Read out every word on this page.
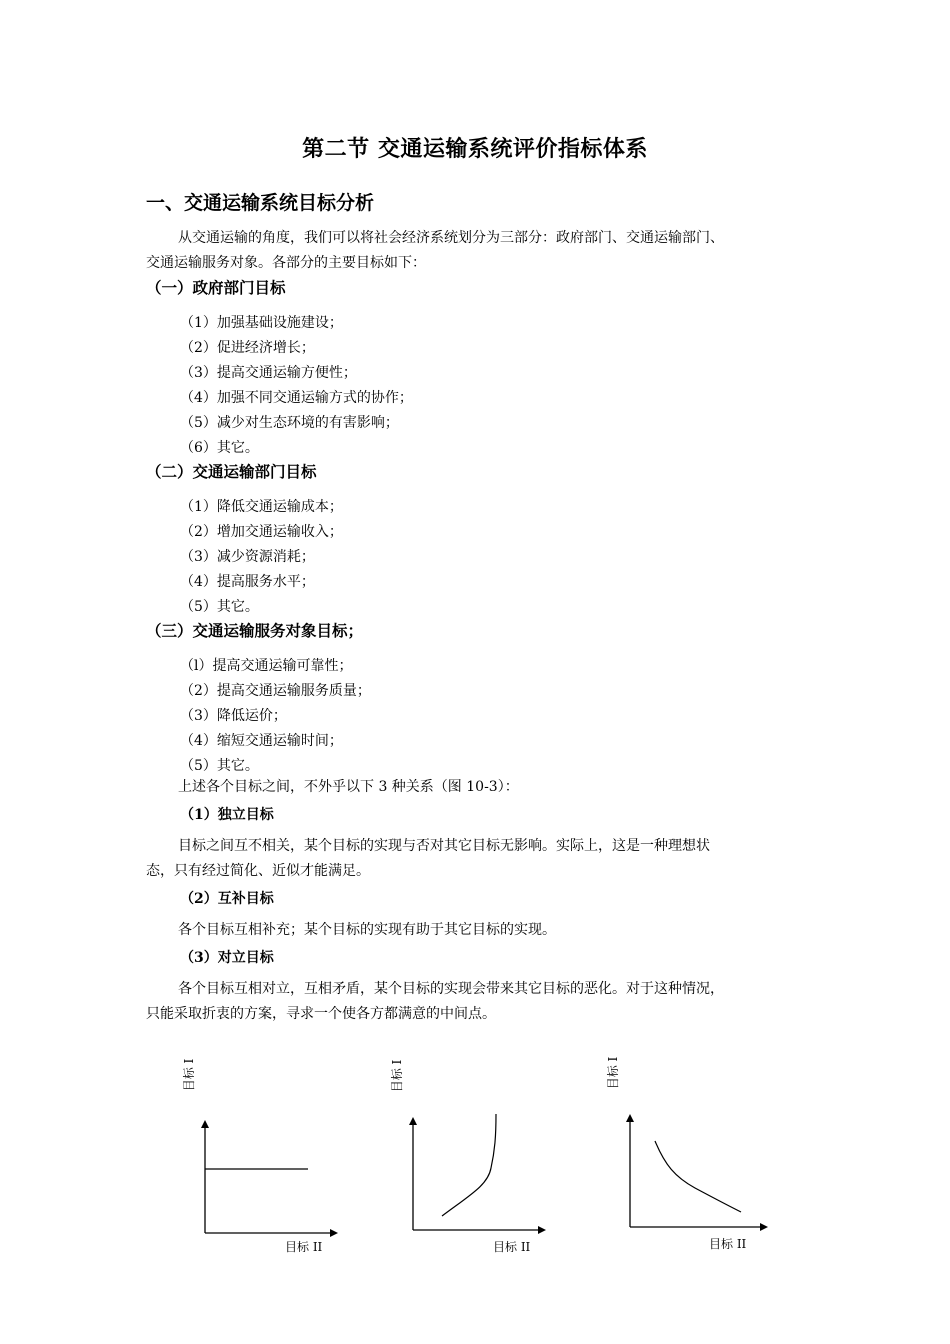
第二节 交通运输系统评价指标体系
一、交通运输系统目标分析
从交通运输的角度，我们可以将社会经济系统划分为三部分：政府部门、交通运输部门、
交通运输服务对象。各部分的主要目标如下：
（一）政府部门目标
（1）加强基础设施建设；
（2）促进经济增长；
（3）提高交通运输方便性；
（4）加强不同交通运输方式的协作；
（5）减少对生态环境的有害影响；
（6）其它。
（二）交通运输部门目标
（1）降低交通运输成本；
（2）增加交通运输收入；
（3）减少资源消耗；
（4）提高服务水平；
（5）其它。
（三）交通运输服务对象目标；
（l）提高交通运输可靠性；
（2）提高交通运输服务质量；
（3）降低运价；
（4）缩短交通运输时间；
（5）其它。
上述各个目标之间，不外乎以下 3 种关系（图 10-3）：
（1）独立目标
目标之间互不相关，某个目标的实现与否对其它目标无影响。实际上，这是一种理想状
态，只有经过简化、近似才能满足。
（2）互补目标
各个目标互相补充；某个目标的实现有助于其它目标的实现。
（3）对立目标
各个目标互相对立，互相矛盾，某个目标的实现会带来其它目标的恶化。对于这种情况，
只能采取折衷的方案，寻求一个使各方都满意的中间点。
目标 I
目标 II
目标 I
目标 II
目标 I
目标 II
